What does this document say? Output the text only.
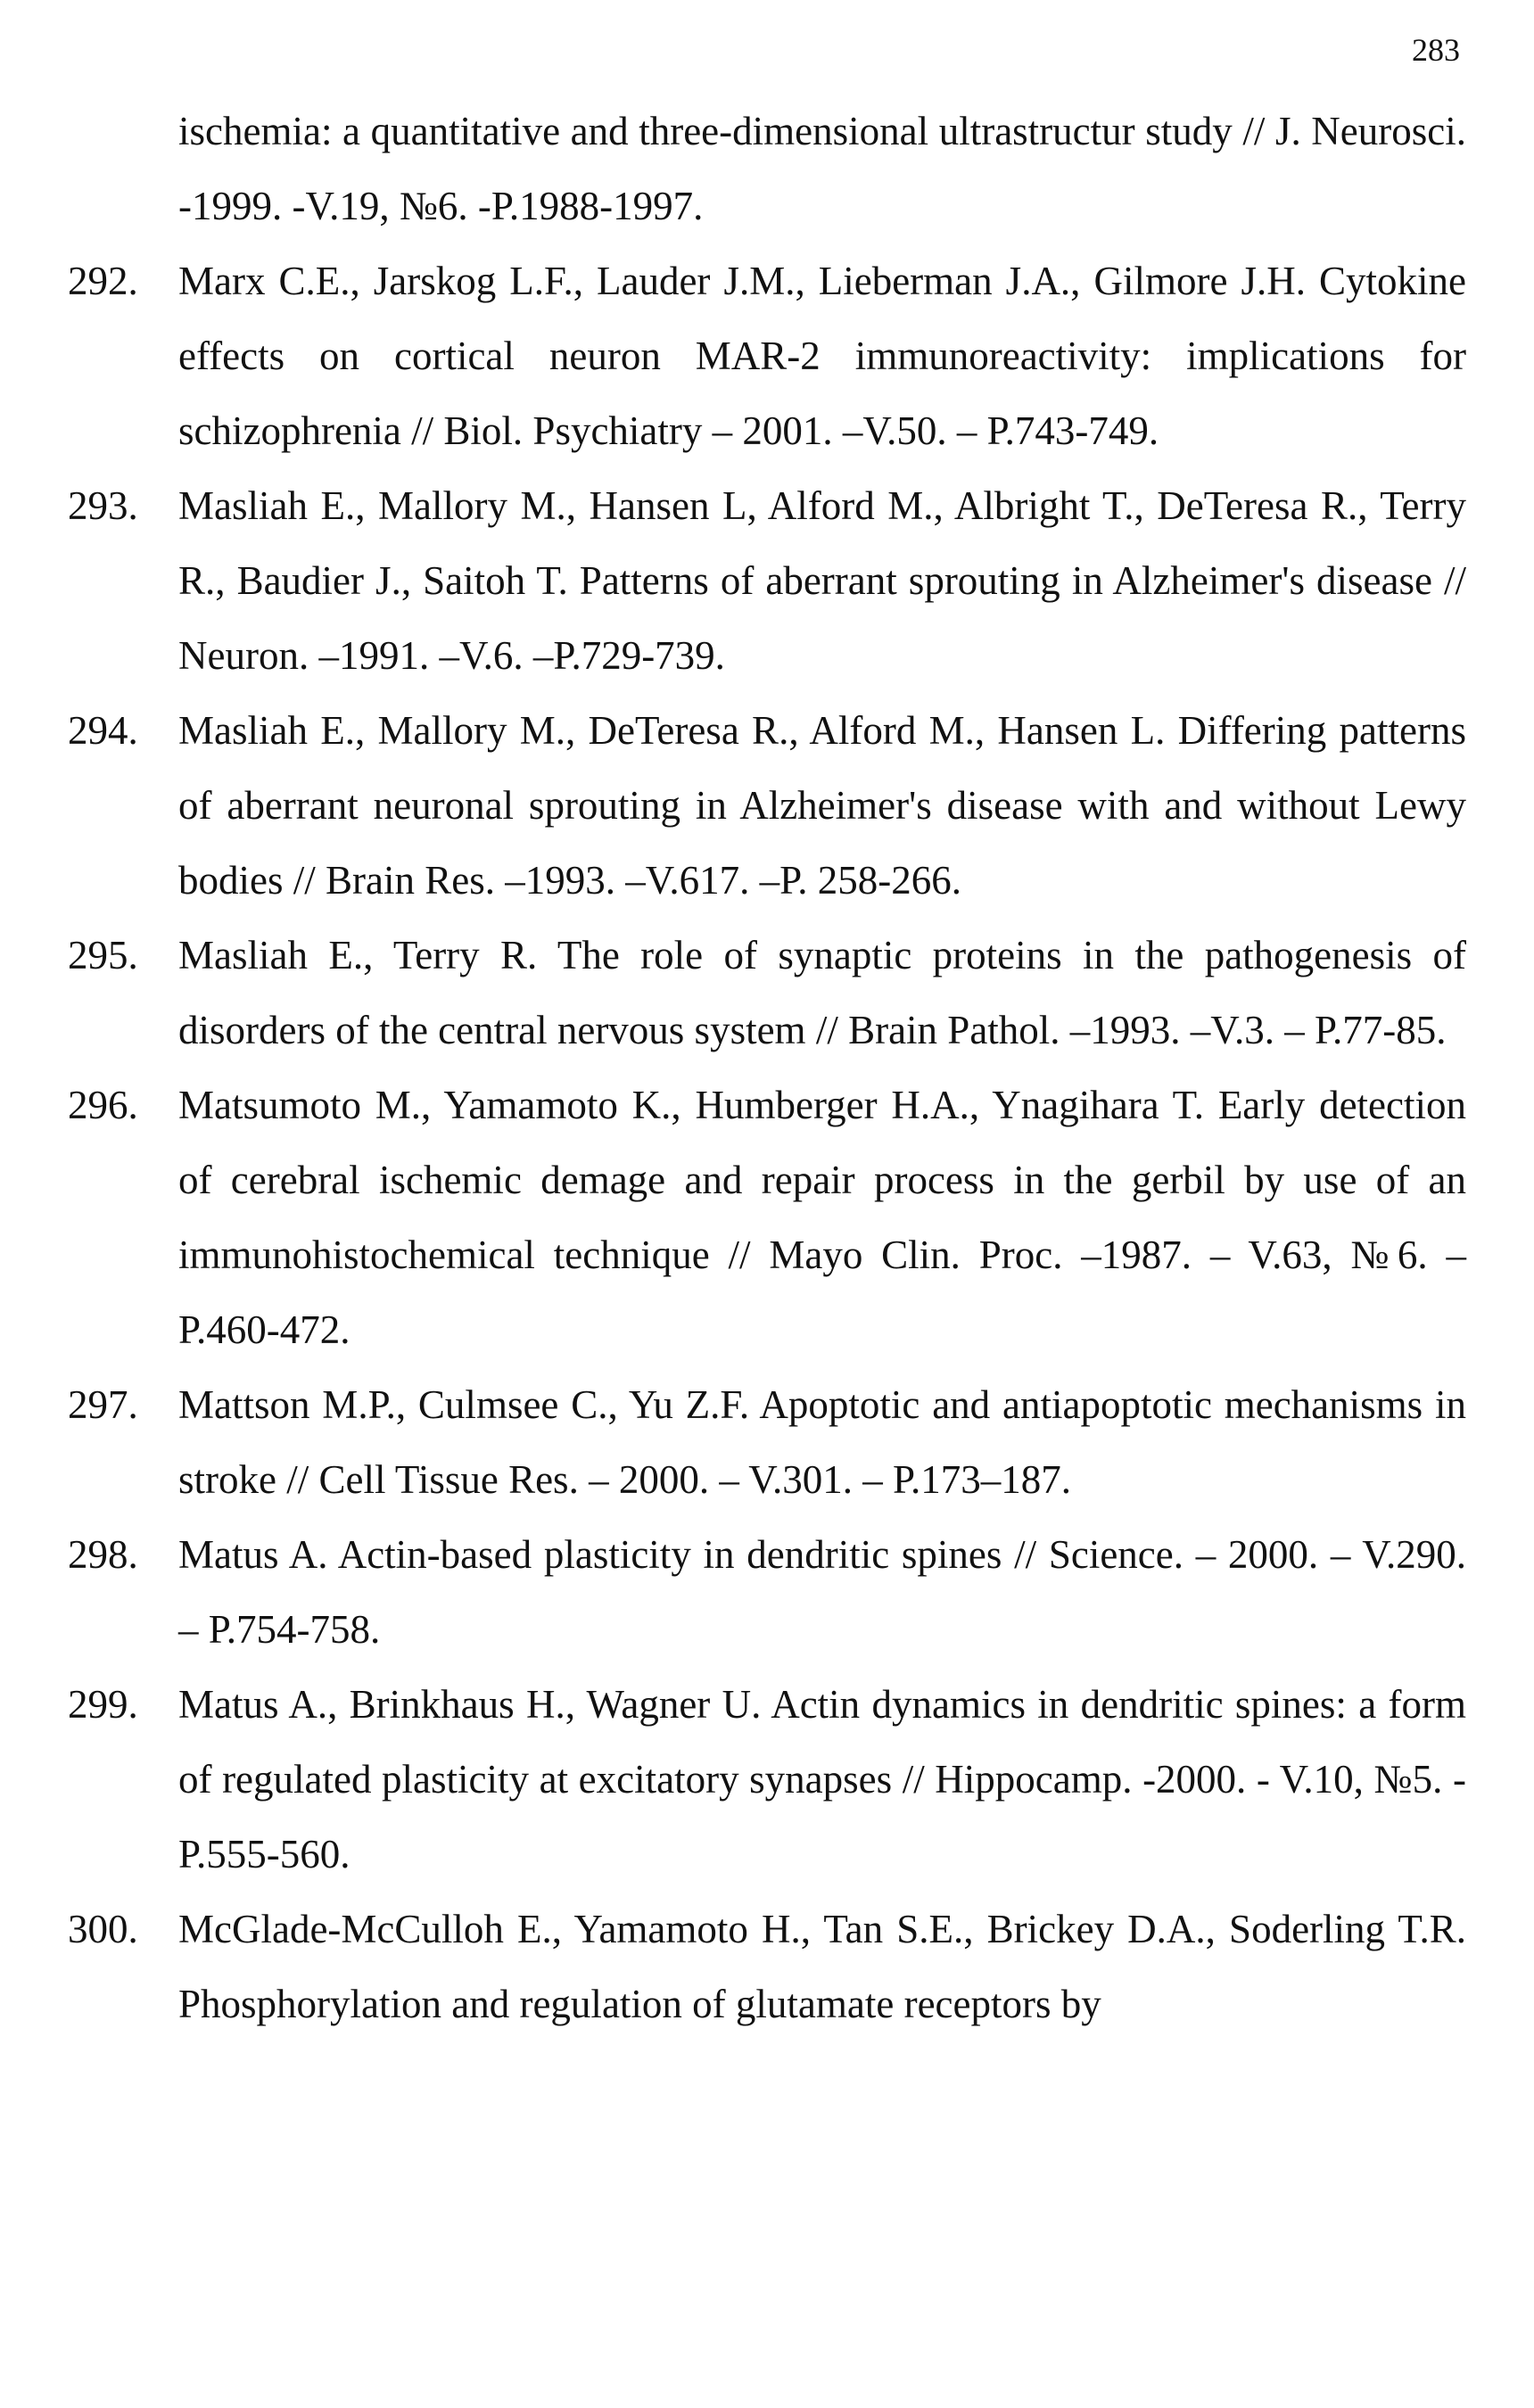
283
ischemia: a quantitative and three-dimensional ultrastructur study // J. Neurosci. -1999. -V.19, №6. -P.1988-1997.
292.	Marx C.E., Jarskog L.F., Lauder J.M., Lieberman J.A., Gilmore J.H. Cytokine effects on cortical neuron MAR-2 immunoreactivity: implications for schizophrenia // Biol. Psychiatry – 2001. –V.50. – P.743-749.
293.	Masliah E., Mallory M., Hansen L, Alford M., Albright T., DeTeresa R., Terry R., Baudier J., Saitoh T. Patterns of aberrant sprouting in Alzheimer's disease // Neuron. –1991. –V.6. –P.729-739.
294.	Masliah E., Mallory M., DeTeresa R., Alford M., Hansen L. Differing patterns of aberrant neuronal sprouting in Alzheimer's disease with and without Lewy bodies // Brain Res. –1993. –V.617. –P. 258-266.
295.	Masliah E., Terry R. The role of synaptic proteins in the pathogenesis of disorders of the central nervous system // Brain Pathol. –1993. –V.3. – P.77-85.
296.	Matsumoto M., Yamamoto K., Humberger H.A., Ynagihara T. Early detection of cerebral ischemic demage and repair process in the gerbil by use of an immunohistochemical technique // Mayo Clin. Proc. –1987. – V.63, №6. –P.460-472.
297.	Mattson M.P., Culmsee C., Yu Z.F. Apoptotic and antiapoptotic mechanisms in stroke // Cell Tissue Res. – 2000. – V.301. – P.173–187.
298.	Matus A. Actin-based plasticity in dendritic spines // Science. – 2000. – V.290. – P.754-758.
299.	Matus A., Brinkhaus H., Wagner U. Actin dynamics in dendritic spines: a form of regulated plasticity at excitatory synapses // Hippocamp. -2000. - V.10, №5. -P.555-560.
300.	McGlade-McCulloh E., Yamamoto H., Tan S.E., Brickey D.A., Soderling T.R. Phosphorylation and regulation of glutamate receptors by
